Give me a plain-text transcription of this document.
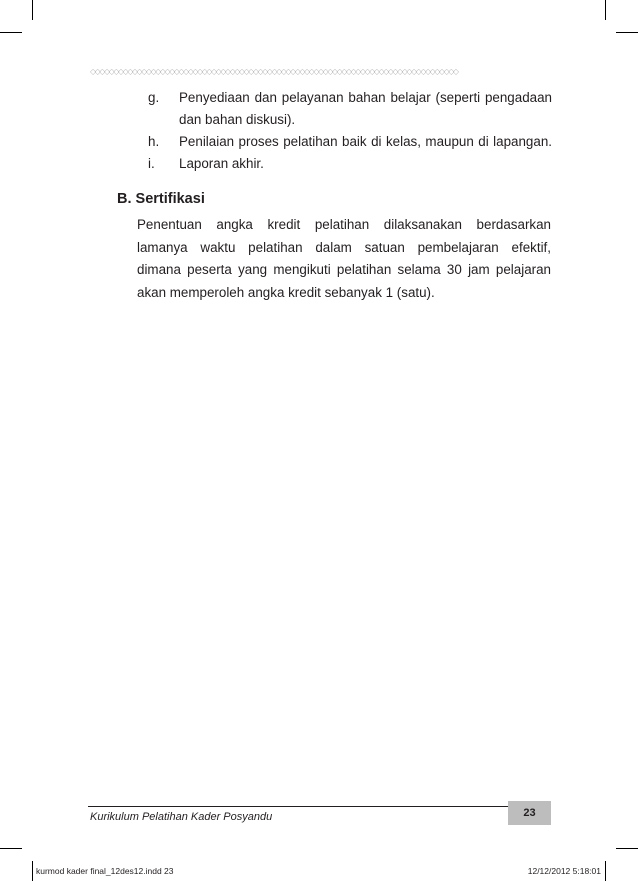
◇◇◇◇◇◇◇◇◇◇◇◇◇◇◇◇◇◇◇◇◇◇◇◇◇◇◇◇◇◇◇◇◇◇◇◇◇◇◇◇◇◇◇◇◇◇◇◇◇◇◇◇◇◇◇◇◇◇◇◇◇◇◇◇◇◇◇◇◇◇◇◇◇◇◇◇◇◇◇
g. Penyediaan dan pelayanan bahan belajar (seperti pengadaan
dan bahan diskusi).
h. Penilaian proses pelatihan baik di kelas, maupun di lapangan.
i. Laporan akhir.
B. Sertifikasi
Penentuan angka kredit pelatihan dilaksanakan berdasarkan
lamanya waktu pelatihan dalam satuan pembelajaran efektif,
dimana peserta yang mengikuti pelatihan selama 30 jam pelajaran
akan memperoleh angka kredit sebanyak 1 (satu).
Kurikulum Pelatihan Kader Posyandu	23
kurmod kader final_12des12.indd 23	12/12/2012 5:18:01
